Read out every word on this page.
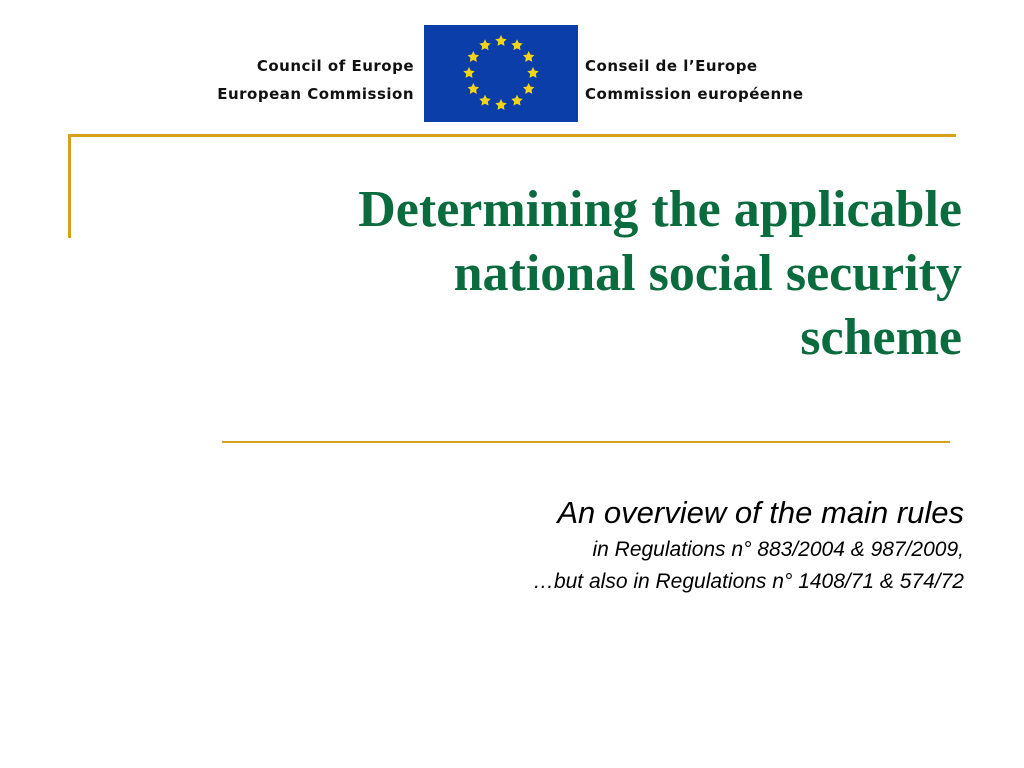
Council of Europe
European Commission
Conseil de l’Europe
Commission européenne
Determining the applicable
national social security
scheme
An overview of the main rules
in Regulations n° 883/2004 & 987/2009,
…but also in Regulations n° 1408/71 & 574/72
